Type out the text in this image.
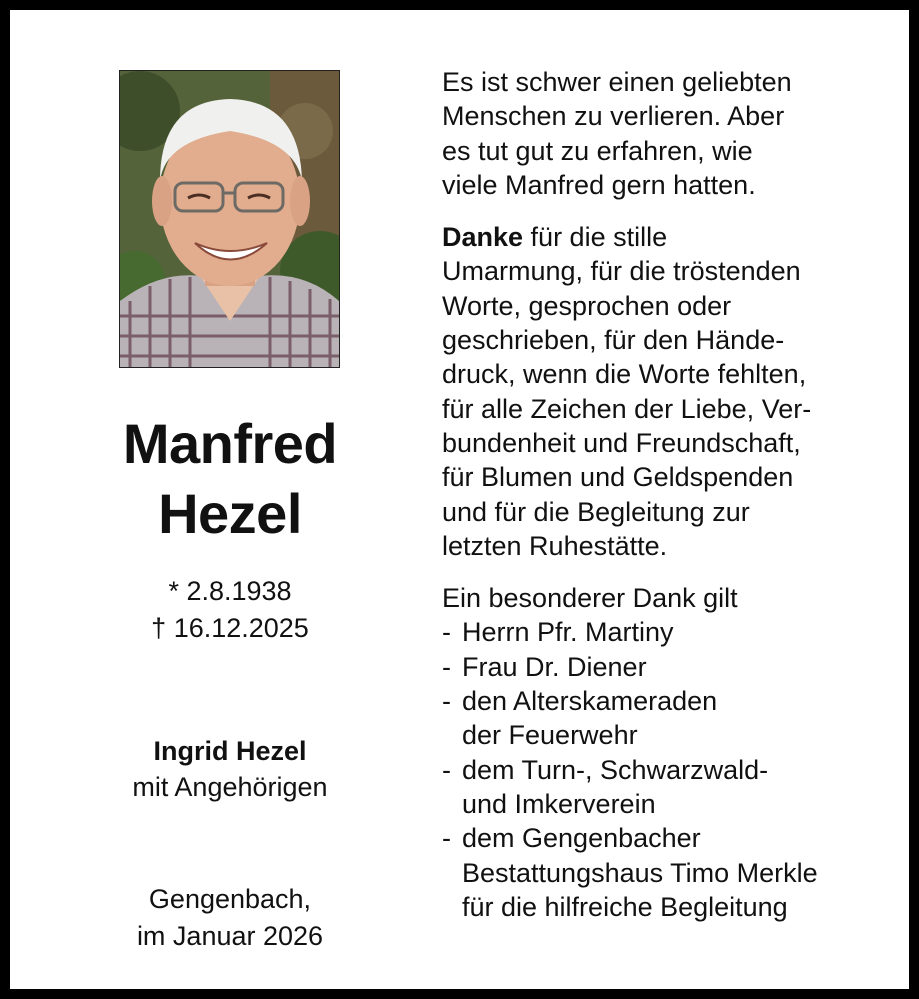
Manfred
Hezel
* 2.8.1938
† 16.12.2025
Ingrid Hezel
mit Angehörigen
Gengenbach,
im Januar 2026

Es ist schwer einen geliebten
Menschen zu verlieren. Aber
es tut gut zu erfahren, wie
viele Manfred gern hatten.

Danke für die stille
Umarmung, für die tröstenden
Worte, gesprochen oder
geschrieben, für den Hände-
druck, wenn die Worte fehlten,
für alle Zeichen der Liebe, Ver-
bundenheit und Freundschaft,
für Blumen und Geldspenden
und für die Begleitung zur
letzten Ruhestätte.

Ein besonderer Dank gilt

- Herrn Pfr. Martiny
- Frau Dr. Diener
- den Alterskameraden
der Feuerwehr
- dem Turn-, Schwarzwald-
und Imkerverein
- dem Gengenbacher
Bestattungshaus Timo Merkle
für die hilfreiche Begleitung
